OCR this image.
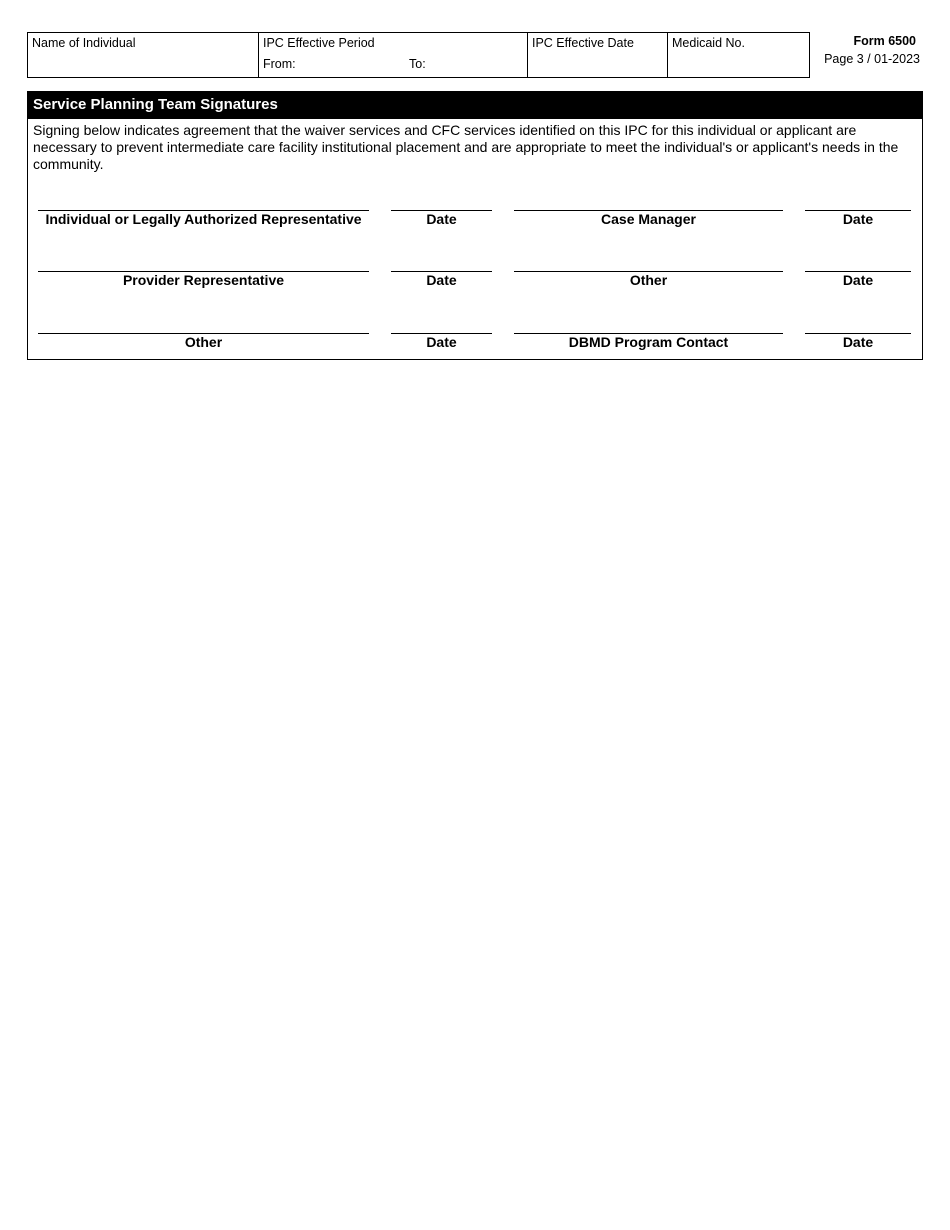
Name of Individual	IPC Effective Period
From:	To:
IPC Effective Date	Medicaid No.	Form 6500
Page 3 / 01-2023
Service Planning Team Signatures
Signing below indicates agreement that the waiver services and CFC services identified on this IPC for this individual or applicant are necessary to prevent intermediate care facility institutional placement and are appropriate to meet the individual's or applicant's needs in the community.
Individual or Legally Authorized Representative	Date	Case Manager	Date
Provider Representative	Date	Other	Date
Other	Date	DBMD Program Contact	Date
